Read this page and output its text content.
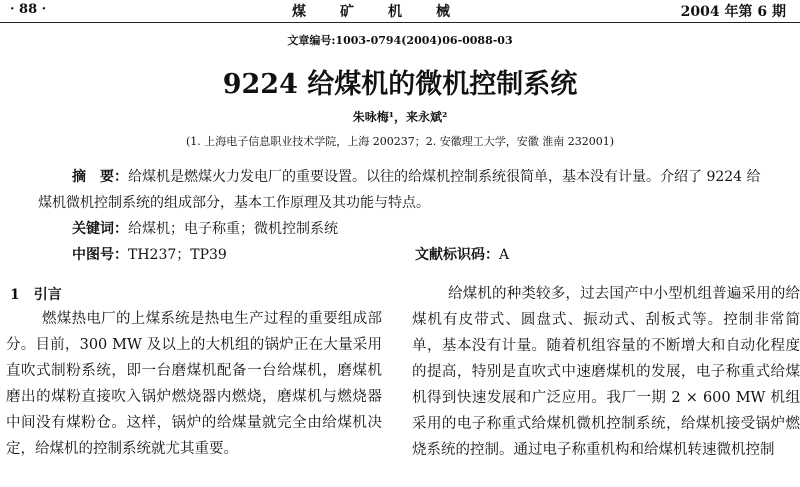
· 88 ·	煤矿机械	2004 年第 6 期
文章编号:1003-0794(2004)06-0088-03
9224 给煤机的微机控制系统
朱咏梅¹，来永斌²
(1. 上海电子信息职业技术学院，上海 200237；2. 安徽理工大学，安徽 淮南 232001)

摘　要：给煤机是燃煤火力发电厂的重要设置。以往的给煤机控制系统很简单，基本没有计量。介绍了 9224 给煤机微机控制系统的组成部分，基本工作原理及其功能与特点。

关键词：给煤机；电子称重；微机控制系统
中图号：TH237；TP39	文献标识码：A
1 引言

燃煤热电厂的上煤系统是热电生产过程的重要组成部分。目前，300 MW 及以上的大机组的锅炉正在大量采用直吹式制粉系统，即一台磨煤机配备一台给煤机，磨煤机磨出的煤粉直接吹入锅炉燃烧器内燃烧，磨煤机与燃烧器中间没有煤粉仓。这样，锅炉的给煤量就完全由给煤机决定，给煤机的控制系统就尤其重要。

给煤机的种类较多，过去国产中小型机组普遍采用的给煤机有皮带式、圆盘式、振动式、刮板式等。控制非常简单，基本没有计量。随着机组容量的不断增大和自动化程度的提高，特别是直吹式中速磨煤机的发展，电子称重式给煤机得到快速发展和广泛应用。我厂一期 2 × 600 MW 机组采用的电子称重式给煤机微机控制系统，给煤机接受锅炉燃烧系统的控制。通过电子称重机构和给煤机转速微机控制
